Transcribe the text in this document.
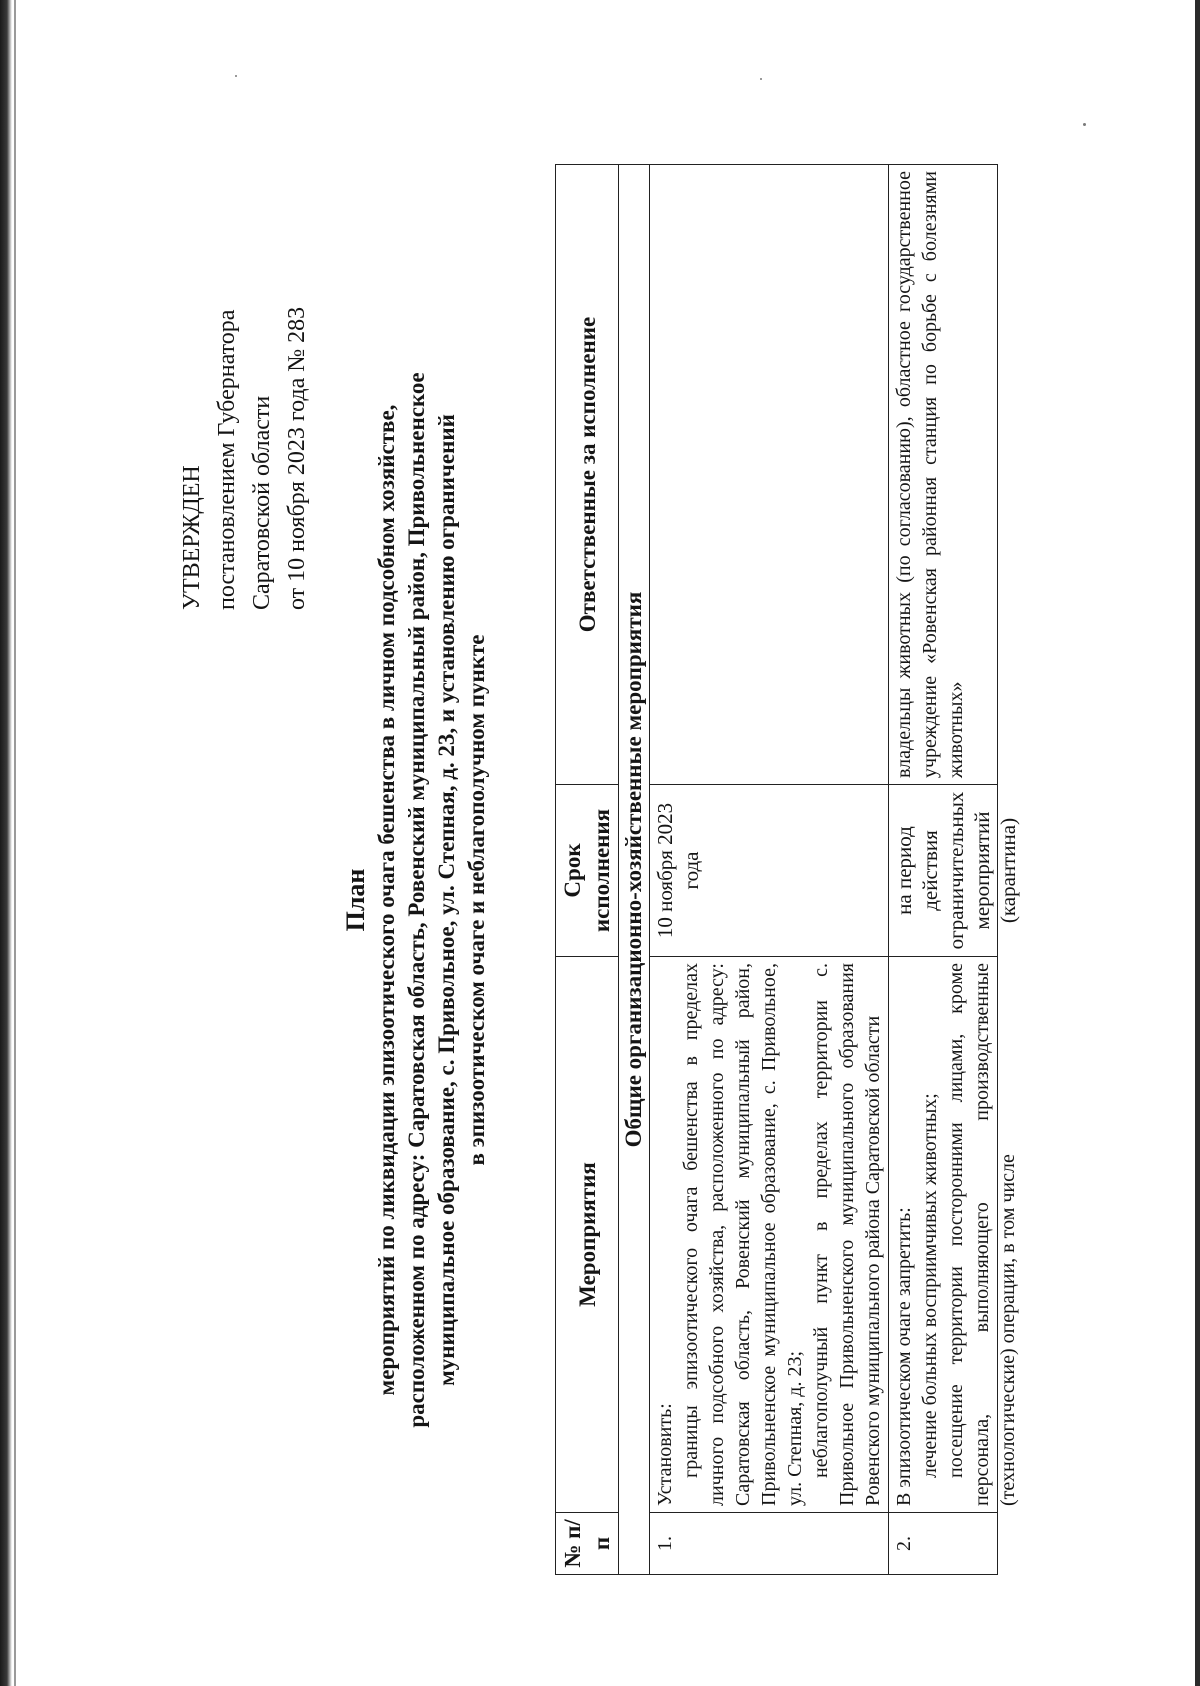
УТВЕРЖДЕН постановлением Губернатора Саратовской области от 10 ноября 2023 года № 283
План мероприятий по ликвидации эпизоотического очага бешенства в личном подсобном хозяйстве, расположенном по адресу: Саратовская область, Ровенский муниципальный район, Привольненское муниципальное образование, с. Привольное, ул. Степная, д. 23, и установлению ограничений в эпизоотическом очаге и неблагополучном пункте
№ п/п	Мероприятия	Срок исполнения	Ответственные за исполнение
Общие организационно-хозяйственные мероприятия			
1.	Установить: границы эпизоотического очага бешенства в пределах личного подсобного хозяйства, расположенного по адресу: Саратовская область, Ровенский муниципальный район, Привольненское муниципальное образование, с. Привольное, ул. Степная, д. 23; неблагополучный пункт в пределах территории с. Привольное Привольненского муниципального образования Ровенского муниципального района Саратовской области	10 ноября 2023 года	
2.	В эпизоотическом очаге запретить: лечение больных восприимчивых животных; посещение территории посторонними лицами, кроме персонала, выполняющего производственные (технологические) операции, в том числе	на период действия ограничительных мероприятий (карантина)	владельцы животных (по согласованию), областное государственное учреждение «Ровенская районная станция по борьбе с болезнями животных»
